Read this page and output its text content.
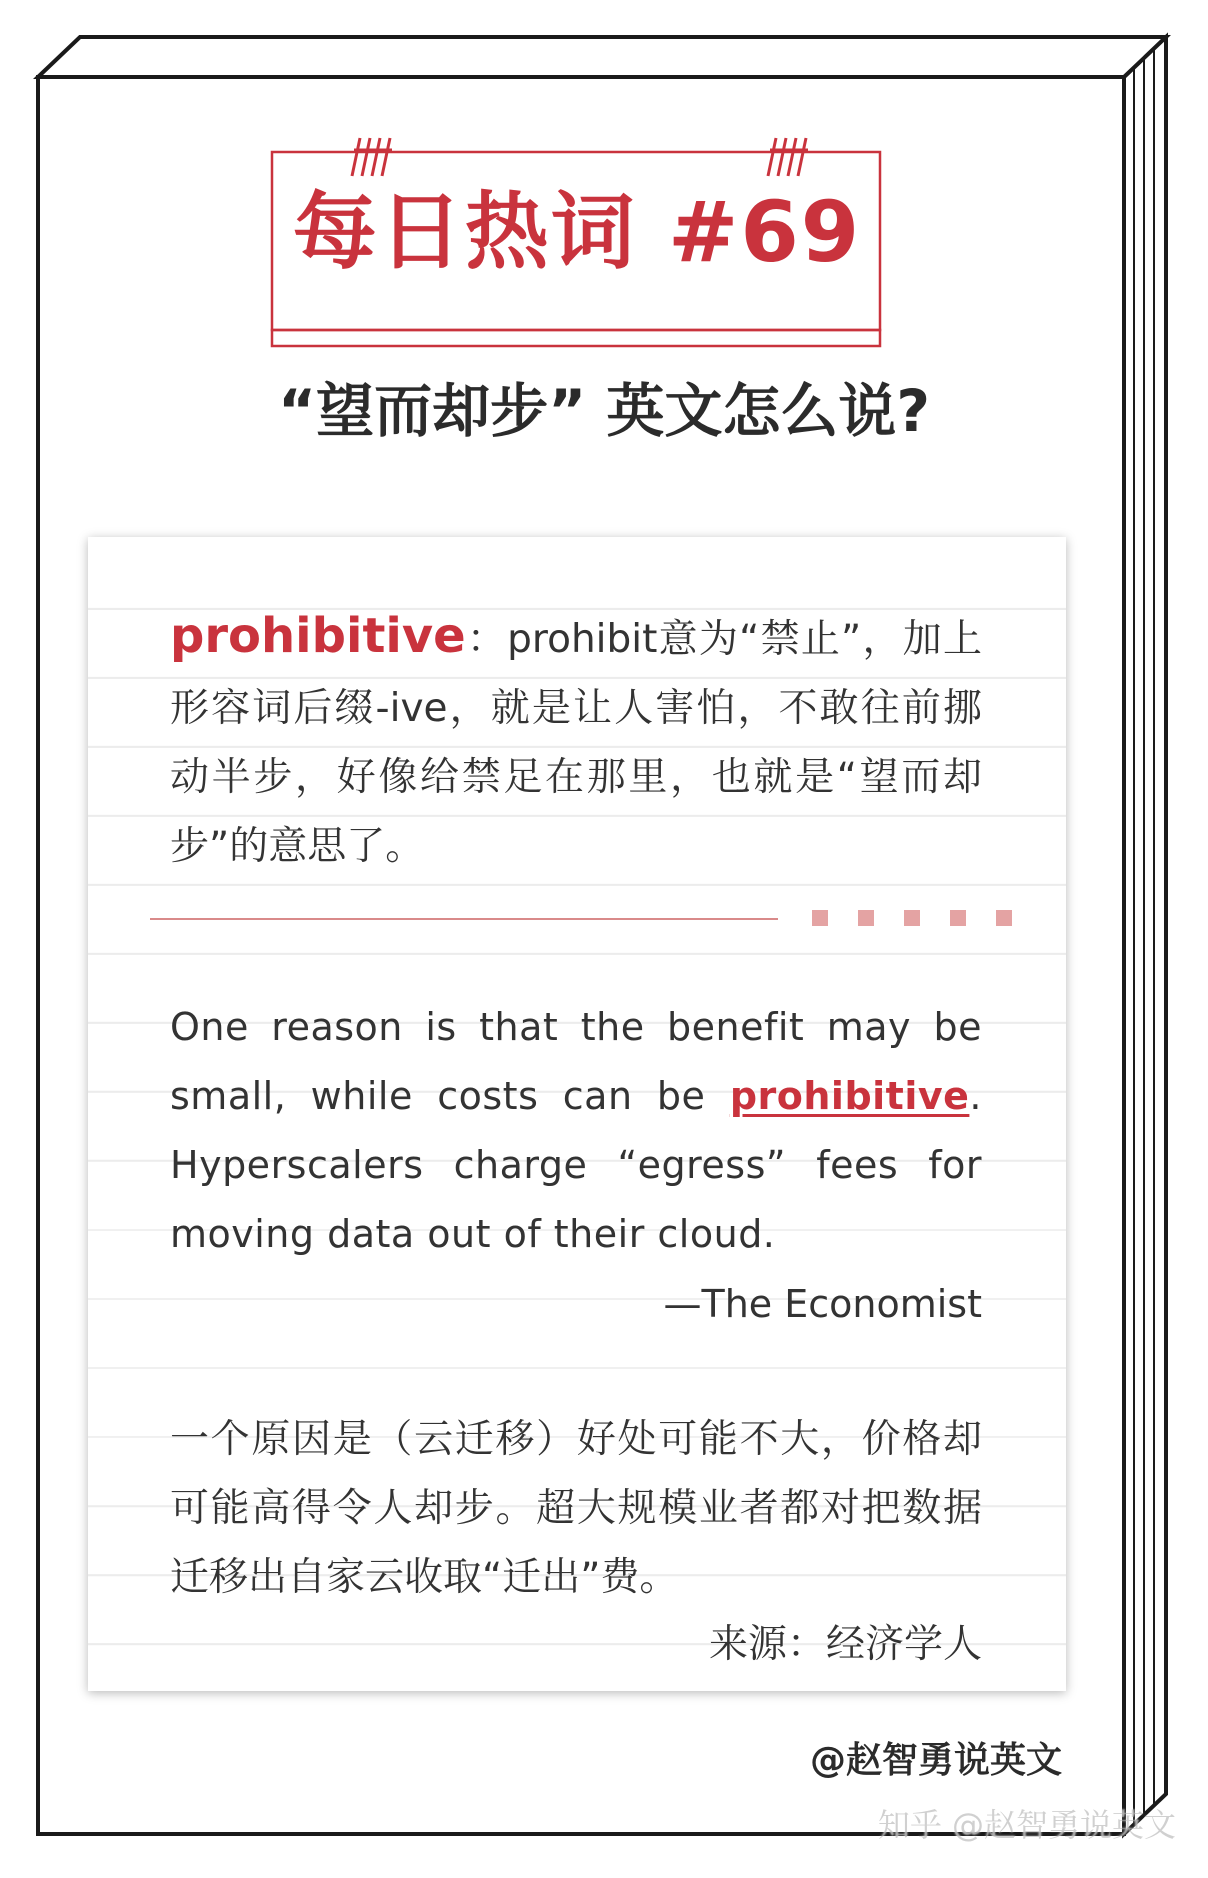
每日热词 #69
“望而却步” 英文怎么说?
prohibitive：prohibit意为“禁止”，加上形容词后缀-ive，就是让人害怕，不敢往前挪动半步，好像给禁足在那里，也就是“望而却步”的意思了。
One reason is that the benefit may be small, while costs can be prohibitive. Hyperscalers charge “egress” fees for moving data out of their cloud.
—The Economist
一个原因是（云迁移）好处可能不大，价格却可能高得令人却步。超大规模业者都对把数据迁移出自家云收取“迁出”费。
来源：经济学人
@赵智勇说英文
知乎 @赵智勇说英文
